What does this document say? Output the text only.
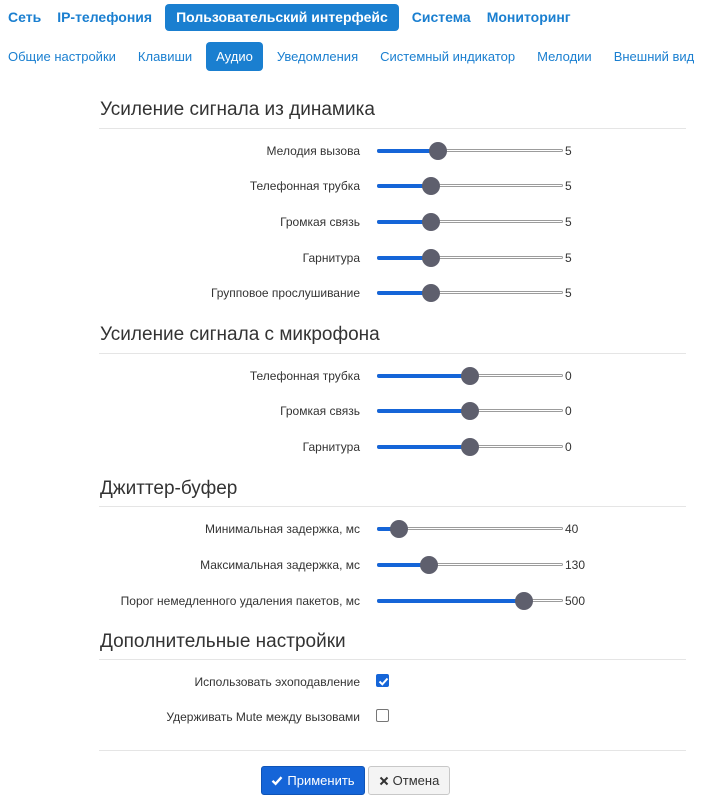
Сеть	IP-телефония	Пользовательский интерфейс	Система	Мониторинг
Общие настройки	Клавиши	Аудио	Уведомления	Системный индикатор	Мелодии	Внешний вид
Усиление сигнала из динамика
Мелодия вызова	5
Телефонная трубка	5
Громкая связь	5
Гарнитура	5
Групповое прослушивание	5
Усиление сигнала с микрофона
Телефонная трубка	0
Громкая связь	0
Гарнитура	0
Джиттер-буфер
Минимальная задержка, мс	40
Максимальная задержка, мс	130
Порог немедленного удаления пакетов, мс	500
Дополнительные настройки
Использовать эхоподавление
Удерживать Mute между вызовами
Применить	Отмена
